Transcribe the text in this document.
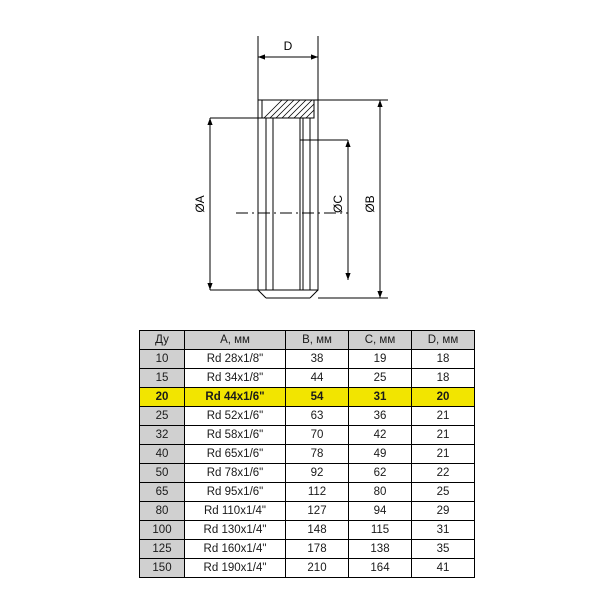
D
ØA	ØC ØB
Ду	A, мм	B, мм	C, мм	D, мм
10	Rd 28x1/8"	38	19	18
15	Rd 34x1/8"	44	25	18
20	Rd 44x1/6"	54	31	20
25	Rd 52x1/6"	63	36	21
32	Rd 58x1/6"	70	42	21
40	Rd 65x1/6"	78	49	21
50	Rd 78x1/6"	92	62	22
65	Rd 95x1/6"	112	80	25
80	Rd 110x1/4"	127	94	29
100	Rd 130x1/4"	148	115	31
125	Rd 160x1/4"	178	138	35
150	Rd 190x1/4"	210	164	41
